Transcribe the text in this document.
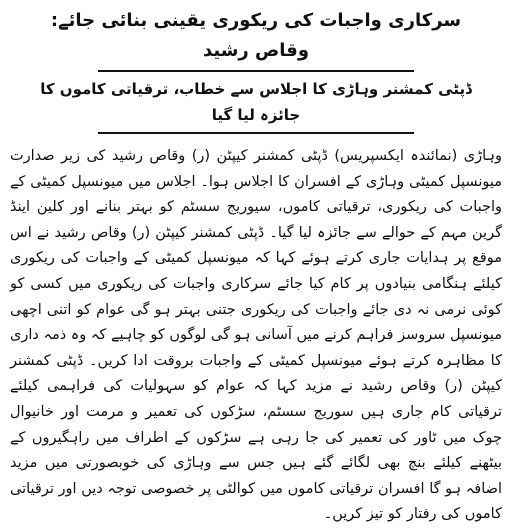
سرکاری واجبات کی ریکوری یقینی بنائی جائے: وقاص رشید
ڈپٹی کمشنر وہاڑی کا اجلاس سے خطاب، ترقیاتی کاموں کا جائزہ لیا گیا

وہاڑی (نمائندہ ایکسپریس) ڈپٹی کمشنر کیپٹن (ر) وقاص رشید کی زیر صدارت میونسپل کمیٹی وہاڑی کے افسران کا اجلاس ہوا۔ اجلاس میں میونسپل کمیٹی کے واجبات کی ریکوری، ترقیاتی کاموں، سیوریج سسٹم کو بہتر بنانے اور کلین اینڈ گرین مہم کے حوالے سے جائزہ لیا گیا۔ ڈپٹی کمشنر کیپٹن (ر) وقاص رشید نے اس موقع پر ہدایات جاری کرتے ہوئے کہا کہ میونسپل کمیٹی کے واجبات کی ریکوری کیلئے ہنگامی بنیادوں پر کام کیا جائے سرکاری واجبات کی ریکوری میں کسی کو کوئی نرمی نہ دی جائے واجبات کی ریکوری جتنی بہتر ہو گی عوام کو اتنی اچھی میونسپل سروسز فراہم کرنے میں آسانی ہو گی لوگوں کو چاہیے کہ وہ ذمہ داری کا مظاہرہ کرتے ہوئے میونسپل کمیٹی کے واجبات بروقت ادا کریں۔ ڈپٹی کمشنر کیپٹن (ر) وقاص رشید نے مزید کہا کہ عوام کو سہولیات کی فراہمی کیلئے ترقیاتی کام جاری ہیں سوریج سسٹم، سڑکوں کی تعمیر و مرمت اور خانیوال چوک میں ٹاور کی تعمیر کی جا رہی ہے سڑکوں کے اطراف میں راہگیروں کے بیٹھنے کیلئے بنچ بھی لگائے گئے ہیں جس سے وہاڑی کی خوبصورتی میں مزید اضافہ ہو گا افسران ترقیاتی کاموں میں کوالٹی پر خصوصی توجہ دیں اور ترقیاتی کاموں کی رفتار کو تیز کریں۔
